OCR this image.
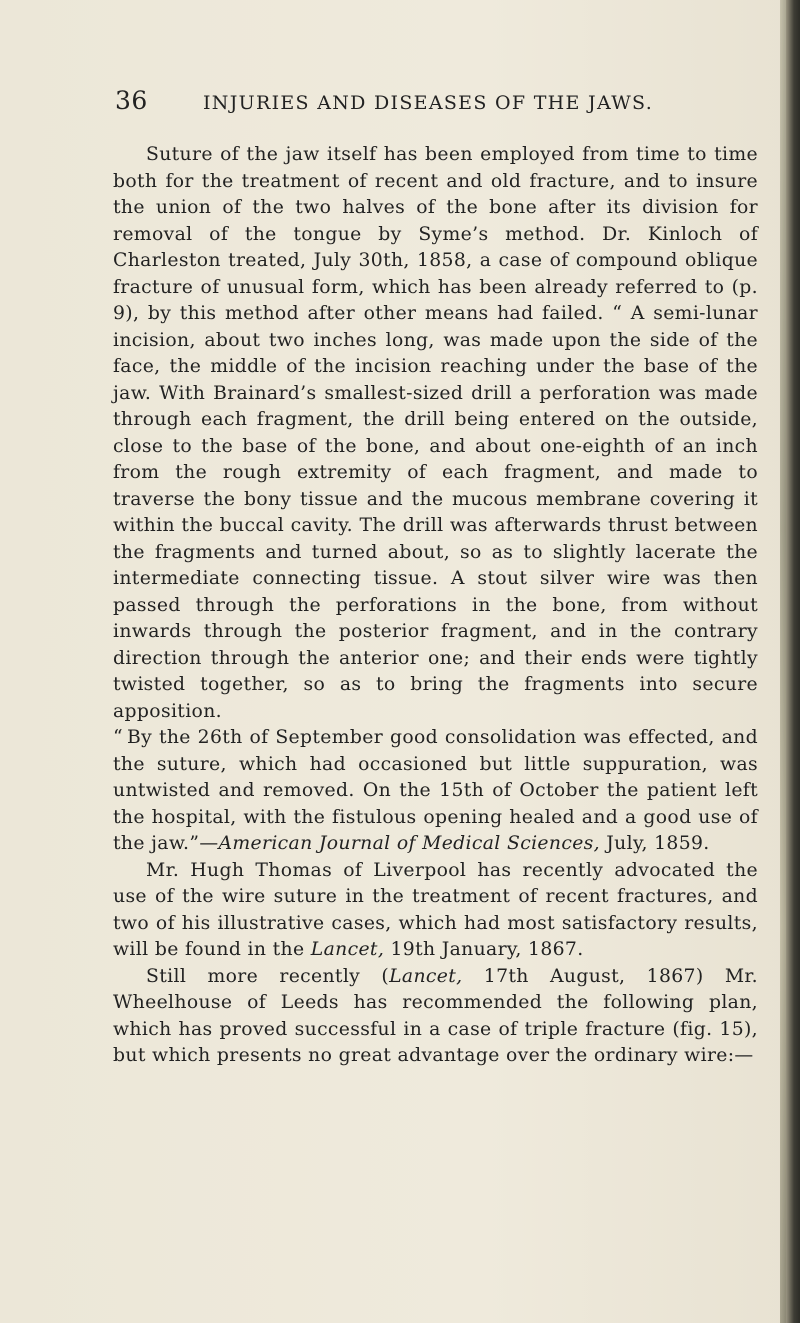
36	INJURIES AND DISEASES OF THE JAWS.

Suture of the jaw itself has been employed from time to time both for the treatment of recent and old fracture, and to insure the union of the two halves of the bone after its division for removal of the tongue by Syme’s method. Dr. Kinloch of Charleston treated, July 30th, 1858, a case of compound oblique fracture of unusual form, which has been already referred to (p. 9), by this method after other means had failed. “ A semi-lunar incision, about two inches long, was made upon the side of the face, the middle of the incision reaching under the base of the jaw. With Brainard’s smallest-sized drill a perforation was made through each fragment, the drill being entered on the outside, close to the base of the bone, and about one-eighth of an inch from the rough extremity of each fragment, and made to traverse the bony tissue and the mucous membrane covering it within the buccal cavity. The drill was afterwards thrust between the fragments and turned about, so as to slightly lacerate the intermediate connecting tissue. A stout silver wire was then passed through the perforations in the bone, from without inwards through the posterior fragment, and in the contrary direction through the anterior one; and their ends were tightly twisted together, so as to bring the fragments into secure apposition.

“ By the 26th of September good consolidation was effected, and the suture, which had occasioned but little suppuration, was untwisted and removed. On the 15th of October the patient left the hospital, with the fistulous opening healed and a good use of the jaw.”—American Journal of Medical Sciences, July, 1859.

Mr. Hugh Thomas of Liverpool has recently advocated the use of the wire suture in the treatment of recent fractures, and two of his illustrative cases, which had most satisfactory results, will be found in the Lancet, 19th January, 1867.

Still more recently (Lancet, 17th August, 1867) Mr. Wheelhouse of Leeds has recommended the following plan, which has proved successful in a case of triple fracture (fig. 15), but which presents no great advantage over the ordinary wire:—
